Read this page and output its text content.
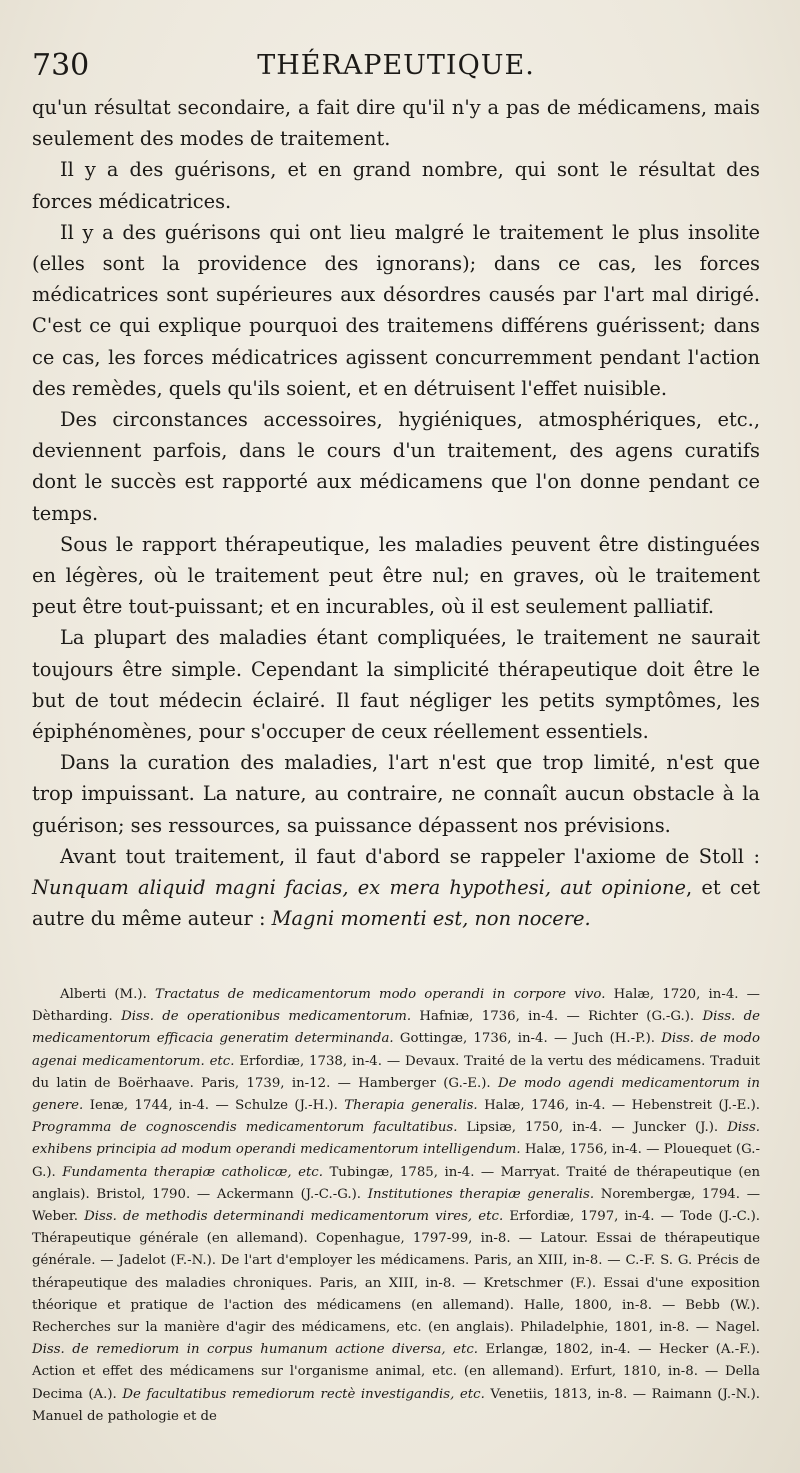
730	THÉRAPEUTIQUE.

qu'un résultat secondaire, a fait dire qu'il n'y a pas de médicamens, mais seulement des modes de traitement.

Il y a des guérisons, et en grand nombre, qui sont le résultat des forces médicatrices.

Il y a des guérisons qui ont lieu malgré le traitement le plus insolite (elles sont la providence des ignorans); dans ce cas, les forces médicatrices sont supérieures aux désordres causés par l'art mal dirigé. C'est ce qui explique pourquoi des traitemens différens guérissent; dans ce cas, les forces médicatrices agissent concurremment pendant l'action des remèdes, quels qu'ils soient, et en détruisent l'effet nuisible.

Des circonstances accessoires, hygiéniques, atmosphériques, etc., deviennent parfois, dans le cours d'un traitement, des agens curatifs dont le succès est rapporté aux médicamens que l'on donne pendant ce temps.

Sous le rapport thérapeutique, les maladies peuvent être distinguées en légères, où le traitement peut être nul; en graves, où le traitement peut être tout-puissant; et en incurables, où il est seulement palliatif.

La plupart des maladies étant compliquées, le traitement ne saurait toujours être simple. Cependant la simplicité thérapeutique doit être le but de tout médecin éclairé. Il faut négliger les petits symptômes, les épiphénomènes, pour s'occuper de ceux réellement essentiels.

Dans la curation des maladies, l'art n'est que trop limité, n'est que trop impuissant. La nature, au contraire, ne connaît aucun obstacle à la guérison; ses ressources, sa puissance dépassent nos prévisions.

Avant tout traitement, il faut d'abord se rappeler l'axiome de Stoll : Nunquam aliquid magni facias, ex mera hypothesi, aut opinione, et cet autre du même auteur : Magni momenti est, non nocere.

Alberti (M.). Tractatus de medicamentorum modo operandi in corpore vivo. Halæ, 1720, in-4. — Dètharding. Diss. de operationibus medicamentorum. Hafniæ, 1736, in-4. — Richter (G.-G.). Diss. de medicamentorum efficacia generatim determinanda. Gottingæ, 1736, in-4. — Juch (H.-P.). Diss. de modo agenai medicamentorum. etc. Erfordiæ, 1738, in-4. — Devaux. Traité de la vertu des médicamens. Traduit du latin de Boërhaave. Paris, 1739, in-12. — Hamberger (G.-E.). De modo agendi medicamentorum in genere. Ienæ, 1744, in-4. — Schulze (J.-H.). Therapia generalis. Halæ, 1746, in-4. — Hebenstreit (J.-E.). Programma de cognoscendis medicamentorum facultatibus. Lipsiæ, 1750, in-4. — Juncker (J.). Diss. exhibens principia ad modum operandi medicamentorum intelligendum. Halæ, 1756, in-4. — Plouequet (G.-G.). Fundamenta therapiæ catholicæ, etc. Tubingæ, 1785, in-4. — Marryat. Traité de thérapeutique (en anglais). Bristol, 1790. — Ackermann (J.-C.-G.). Institutiones therapiæ generalis. Norembergæ, 1794. — Weber. Diss. de methodis determinandi medicamentorum vires, etc. Erfordiæ, 1797, in-4. — Tode (J.-C.). Thérapeutique générale (en allemand). Copenhague, 1797-99, in-8. — Latour. Essai de thérapeutique générale. — Jadelot (F.-N.). De l'art d'employer les médicamens. Paris, an XIII, in-8. — C.-F. S. G. Précis de thérapeutique des maladies chroniques. Paris, an XIII, in-8. — Kretschmer (F.). Essai d'une exposition théorique et pratique de l'action des médicamens (en allemand). Halle, 1800, in-8. — Bebb (W.). Recherches sur la manière d'agir des médicamens, etc. (en anglais). Philadelphie, 1801, in-8. — Nagel. Diss. de remediorum in corpus humanum actione diversa, etc. Erlangæ, 1802, in-4. — Hecker (A.-F.). Action et effet des médicamens sur l'organisme animal, etc. (en allemand). Erfurt, 1810, in-8. — Della Decima (A.). De facultatibus remediorum rectè investigandis, etc. Venetiis, 1813, in-8. — Raimann (J.-N.). Manuel de pathologie et de
